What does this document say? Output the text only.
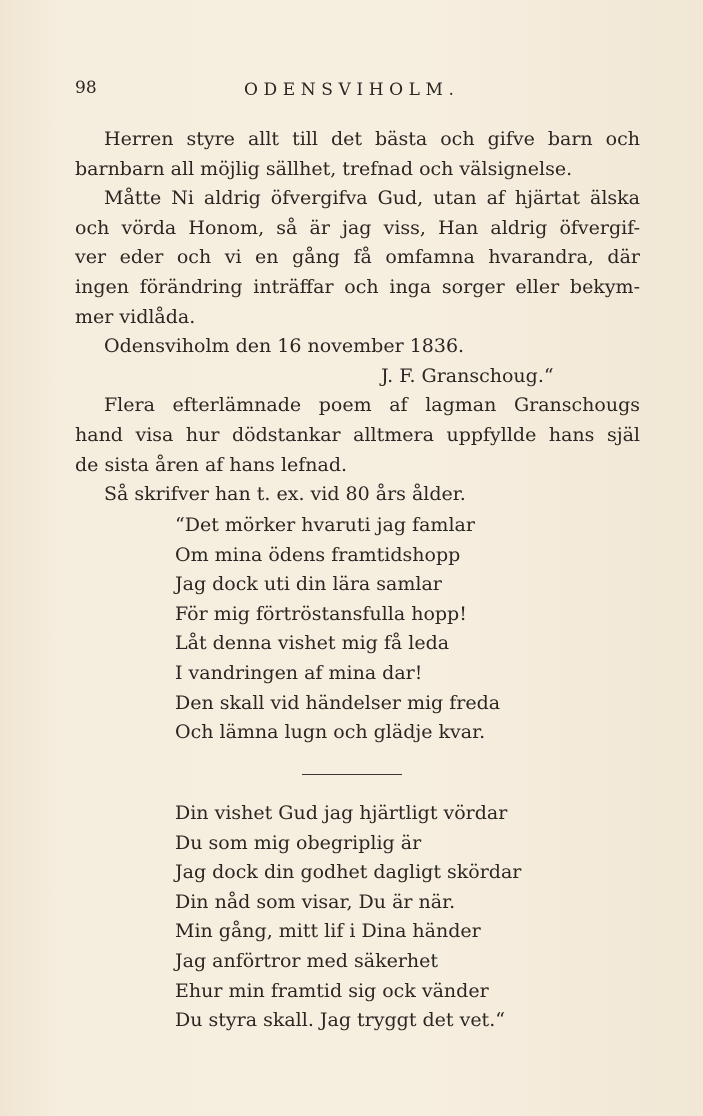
98	ODENSVIHOLM.
Herren styre allt till det bästa och gifve barn och
barnbarn all möjlig sällhet, trefnad och välsignelse.
Måtte Ni aldrig öfvergifva Gud, utan af hjärtat älska
och vörda Honom, så är jag viss, Han aldrig öfvergif-
ver eder och vi en gång få omfamna hvarandra, där
ingen förändring inträffar och inga sorger eller bekym-
mer vidlåda.
Odensviholm den 16 november 1836.
J. F. Granschoug.“
Flera efterlämnade poem af lagman Granschougs
hand visa hur dödstankar alltmera uppfyllde hans själ
de sista åren af hans lefnad.
Så skrifver han t. ex. vid 80 års ålder.
“Det mörker hvaruti jag famlar
Om mina ödens framtidshopp
Jag dock uti din lära samlar
För mig förtröstansfulla hopp!
Låt denna vishet mig få leda
I vandringen af mina dar!
Den skall vid händelser mig freda
Och lämna lugn och glädje kvar.
Din vishet Gud jag hjärtligt vördar
Du som mig obegriplig är
Jag dock din godhet dagligt skördar
Din nåd som visar, Du är när.
Min gång, mitt lif i Dina händer
Jag anförtror med säkerhet
Ehur min framtid sig ock vänder
Du styra skall. Jag tryggt det vet.“
